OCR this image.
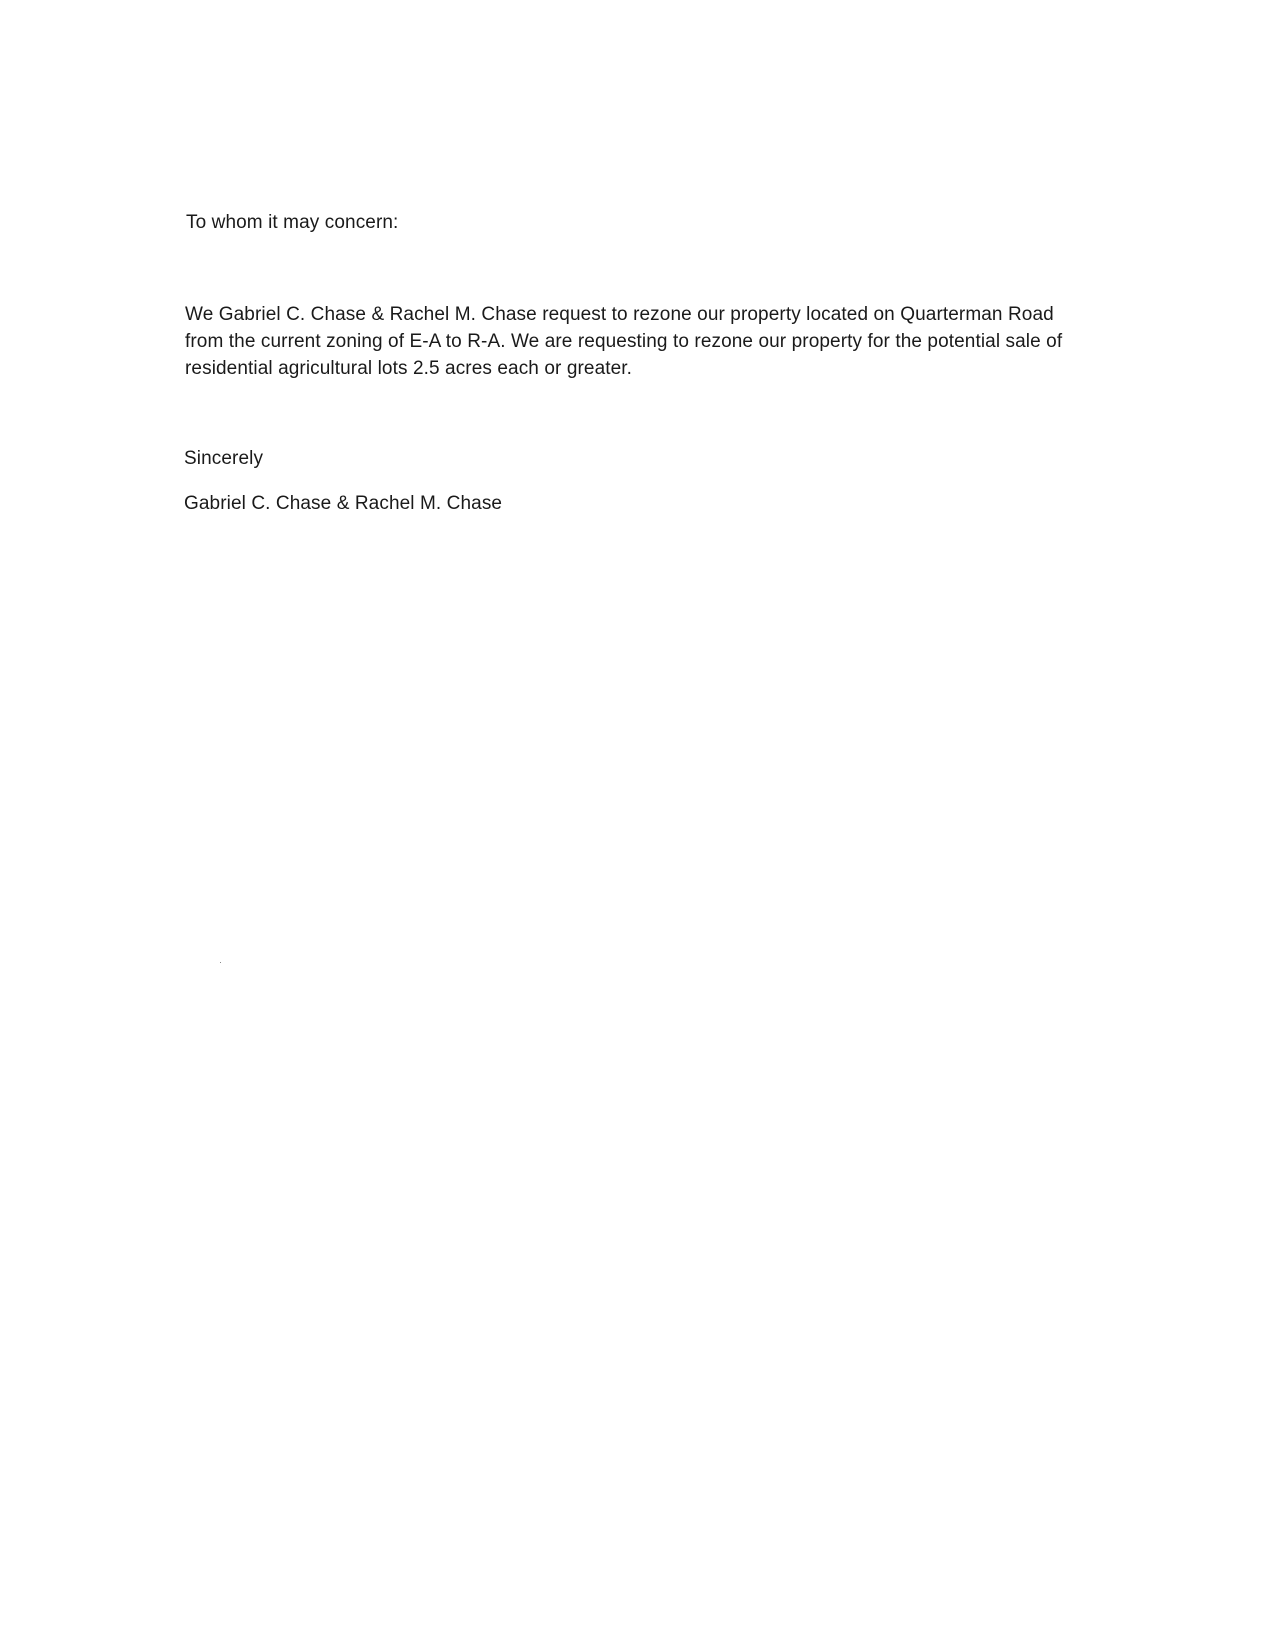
To whom it may concern:
We Gabriel C. Chase & Rachel M. Chase request to rezone our property located on Quarterman Road
from the current zoning of E-A to R-A. We are requesting to rezone our property for the potential sale of
residential agricultural lots 2.5 acres each or greater.
Sincerely
Gabriel C. Chase & Rachel M. Chase
